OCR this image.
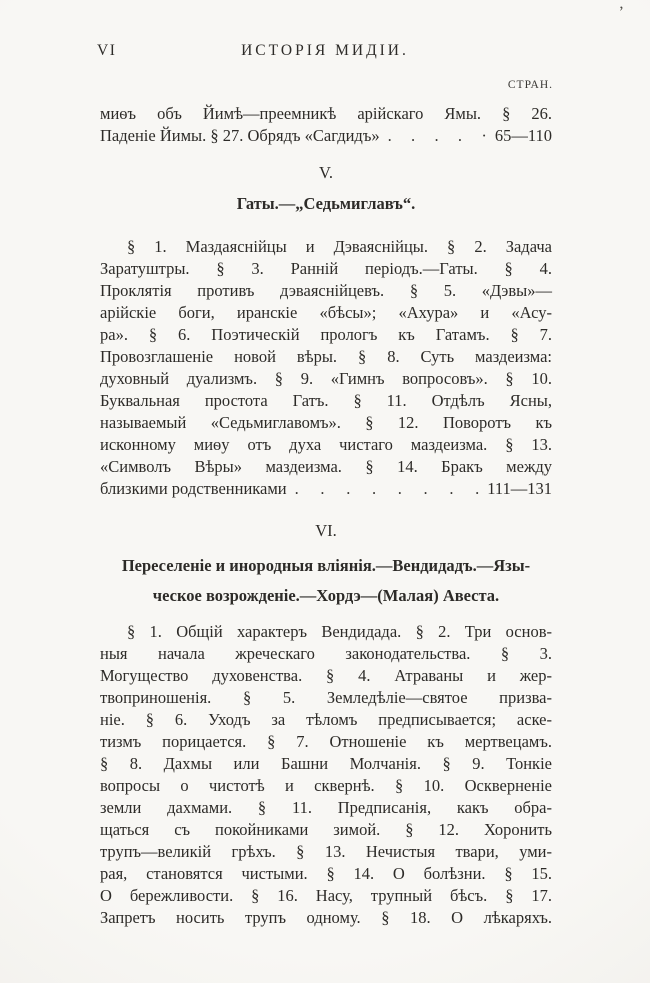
’
VI	ИСТОРІЯ МИДІИ.
СТРАН.
миѳъ объ Йимѣ—преемникѣ арійскаго Ямы. § 26.
Паденіе Йимы. § 27. Обрядъ «Сагдидъ» . . . . · 65—110
V.
Гаты.—„Седьмиглавъ“.
§ 1. Маздаяснійцы и Дэваяснійцы. § 2. Задача
Заратуштры. § 3. Ранній періодъ.—Гаты. § 4.
Проклятія противъ дэваяснійцевъ. § 5. «Дэвы»—
арійскіе боги, иранскіе «бѣсы»; «Ахура» и «Асу-
ра». § 6. Поэтическій прологъ къ Гатамъ. § 7.
Провозглашеніе новой вѣры. § 8. Суть маздеизма:
духовный дуализмъ. § 9. «Гимнъ вопросовъ». § 10.
Буквальная простота Гатъ. § 11. Отдѣлъ Ясны,
называемый «Седьмиглавомъ». § 12. Поворотъ къ
исконному миѳу отъ духа чистаго маздеизма. § 13.
«Символъ Вѣры» маздеизма. § 14. Бракъ между
близкими родственниками . . . . . . . . 111—131
VI.
Переселеніе и инородныя вліянія.—Вендидадъ.—Язы-
ческое возрожденіе.—Хордэ—(Малая) Авеста.
§ 1. Общій характеръ Вендидада. § 2. Три основ-
ныя начала жреческаго законодательства. § 3.
Могущество духовенства. § 4. Атраваны и жер-
твоприношенія. § 5. Земледѣліе—святое призва-
ніе. § 6. Уходъ за тѣломъ предписывается; аске-
тизмъ порицается. § 7. Отношеніе къ мертвецамъ.
§ 8. Дахмы или Башни Молчанія. § 9. Тонкіе
вопросы о чистотѣ и сквернѣ. § 10. Оскверненіе
земли дахмами. § 11. Предписанія, какъ обра-
щаться съ покойниками зимой. § 12. Хоронить
трупъ—великій грѣхъ. § 13. Нечистыя твари, уми-
рая, становятся чистыми. § 14. О болѣзни. § 15.
О бережливости. § 16. Насу, трупный бѣсъ. § 17.
Запретъ носить трупъ одному. § 18. О лѣкаряхъ.
